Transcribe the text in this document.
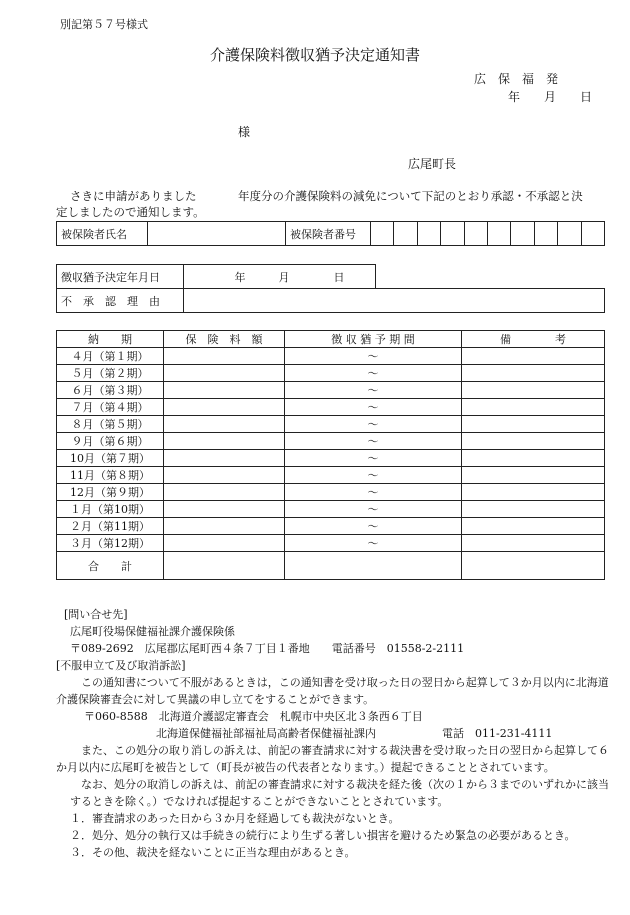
別記第５７号様式
介護保険料徴収猶予決定通知書
広　保　福　発
年　　月　　日
様
広尾町長
さきに申請がありました	年度分の介護保険料の減免について下記のとおり承認・不承認と決
定しましたので通知します。
被保険者氏名		被保険者番号										
徴収猶予決定年月日	年　　　月　　　　日
不　承　認　理　由	
納　　期	保　険　料　額	徴 収 猶 予 期 間	備　　　　考
４月（第１期）		～	
５月（第２期）		～	
６月（第３期）		～	
７月（第４期）		～	
８月（第５期）		～	
９月（第６期）		～	
10月（第７期）		～	
11月（第８期）		～	
12月（第９期）		～	
１月（第10期）		～	
２月（第11期）		～	
３月（第12期）		～	
合　　計			
[問い合せ先]
広尾町役場保健福祉課介護保険係
〒089-2692　広尾郡広尾町西４条７丁目１番地　　電話番号　01558-2-2111
[不服申立て及び取消訴訟]
　この通知書について不服があるときは，この通知書を受け取った日の翌日から起算して３か月以内に北海道
介護保険審査会に対して異議の申し立てをすることができます。
〒060-8588　北海道介護認定審査会　札幌市中央区北３条西６丁目
北海道保健福祉部福祉局高齢者保健福祉課内	電話　011-231-4111
　また、この処分の取り消しの訴えは、前記の審査請求に対する裁決書を受け取った日の翌日から起算して６
か月以内に広尾町を被告として（町長が被告の代表者となります。）提起できることとされています。
　なお、処分の取消しの訴えは、前記の審査請求に対する裁決を経た後（次の１から３までのいずれかに該当
するときを除く。）でなければ提起することができないこととされています。
１．審査請求のあった日から３か月を経過しても裁決がないとき。
２．処分、処分の執行又は手続きの続行により生ずる著しい損害を避けるため緊急の必要があるとき。
３．その他、裁決を経ないことに正当な理由があるとき。
